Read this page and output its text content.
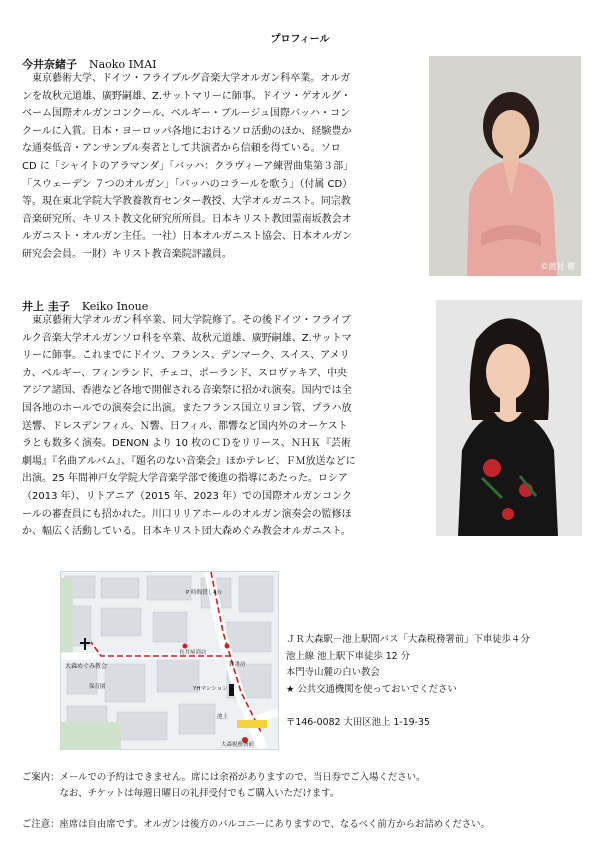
プロフィール
今井奈緒子 Naoko IMAI
　東京藝術大学、ドイツ・フライブルグ音楽大学オルガン科卒業。オルガ
ンを故秋元道雄、廣野嗣雄、Z.サットマリーに師事。ドイツ・ゲオルグ・
ベーム国際オルガンコンクール、ベルギー・ブルージュ国際バッハ・コン
クールに入賞。日本・ヨーロッパ各地におけるソロ活動のほか、経験豊か
な通奏低音・アンサンブル奏者として共演者から信頼を得ている。ソロ
CD に「シャイトのアラマンダ」「バッハ：クラヴィーア練習曲集第３部」
「スウェーデン ７つのオルガン」「バッハのコラールを歌う」（付属 CD）
等。現在東北学院大学教養教育センター教授、大学オルガニスト。同宗教
音楽研究所、キリスト教文化研究所所員。日本キリスト教団霊南坂教会オ
ルガニスト・オルガン主任。一社）日本オルガニスト協会、日本オルガン
研究会会員。一財）キリスト教音楽院評議員。
©渡見 徹
井上 圭子 Keiko Inoue
　東京藝術大学オルガン科卒業、同大学院修了。その後ドイツ・フライブ
ルク音楽大学オルガンソロ科を卒業、故秋元道雄、廣野嗣雄、Z.サットマ
リーに師事。これまでにドイツ、フランス、デンマーク、スイス、アメリ
カ、ベルギー、フィンランド、チェコ、ポーランド、スロヴァキア、中央
アジア諸国、香港など各地で開催される音楽祭に招かれ演奏。国内では全
国各地のホールでの演奏会に出演。またフランス国立リヨン管、プラハ放
送響、ドレスデンフィル、Ｎ響、日フィル、都響など国内外のオーケスト
ラとも数多く演奏。DENON より 10 枚のＣＤをリリース、ＮＨＫ『芸術
劇場』『名曲アルバム』、『題名のない音楽会』ほかテレビ、ＦＭ放送などに
出演。25 年間神戸女学院大学音楽学部で後進の指導にあたった。ロシア
（2013 年）、リトアニア（2015 年、2023 年）での国際オルガンコンク
ールの審査員にも招かれた。川口リリアホールのオルガン演奏会の監修ほ
か、幅広く活動している。日本キリスト団大森めぐみ教会オルガニスト。
P 時間貸し4台
大森めぐみ教会
長井屋商店
鈴書房
YHマンション
池上
大森税務署前
保育園
ＪＲ大森駅－池上駅間バス「大森税務署前」下車徒歩４分
池上線 池上駅下車徒歩 12 分
本門寺山麓の白い教会
★ 公共交通機関を使っておいでください

〒146-0082 大田区池上 1-19-35
ご案内：メールでの予約はできません。席には余裕がありますので、当日券でご入場ください。
　　　　なお、チケットは毎週日曜日の礼拝受付でもご購入いただけます。

ご注意：座席は自由席です。オルガンは後方のバルコニーにありますので、なるべく前方からお詰めください。
